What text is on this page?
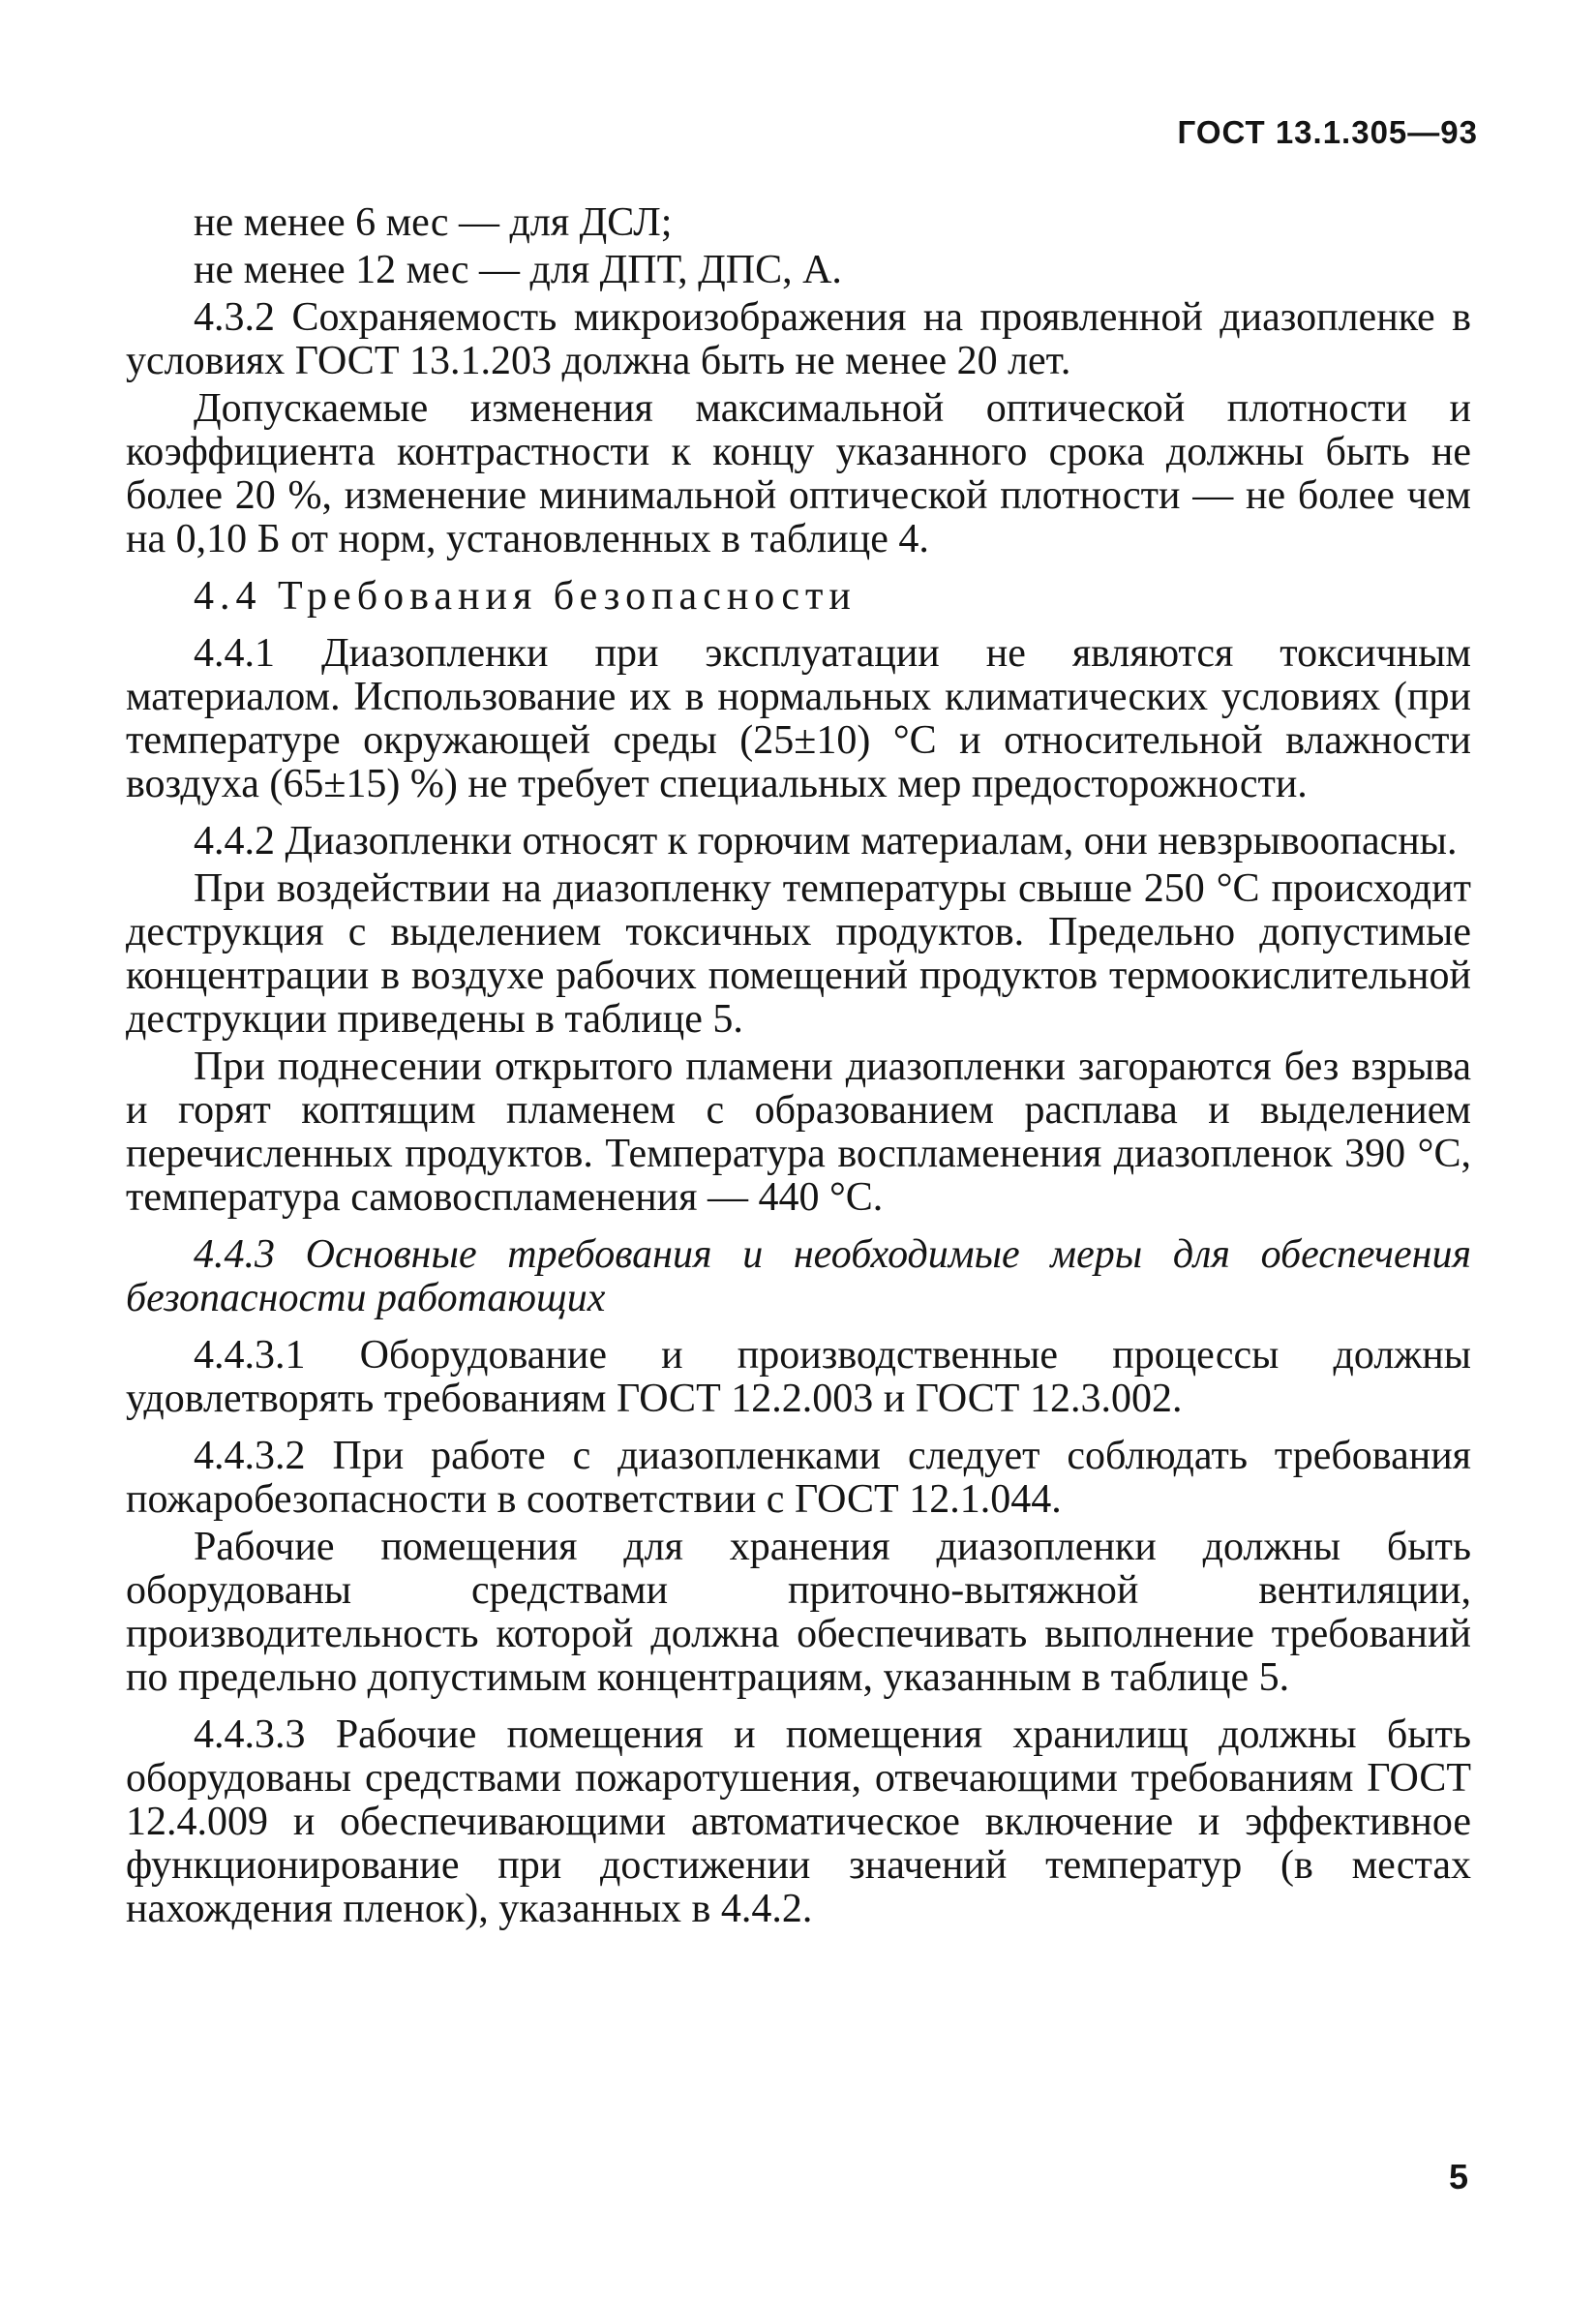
ГОСТ 13.1.305—93

не менее 6 мес — для ДСЛ;

не менее 12 мес — для ДПТ, ДПС, А.

4.3.2 Сохраняемость микроизображения на проявленной диазопленке в условиях ГОСТ 13.1.203 должна быть не менее 20 лет.

Допускаемые изменения максимальной оптической плотности и коэффициента контрастности к концу указанного срока должны быть не более 20 %, изменение минимальной оптической плотности — не более чем на 0,10 Б от норм, установленных в таблице 4.

4.4 Требования безопасности

4.4.1 Диазопленки при эксплуатации не являются токсичным материалом. Использование их в нормальных климатических условиях (при температуре окружающей среды (25±10) °С и относительной влажности воздуха (65±15) %) не требует специальных мер предосторожности.

4.4.2 Диазопленки относят к горючим материалам, они невзрывоопасны.

При воздействии на диазопленку температуры свыше 250 °С происходит деструкция с выделением токсичных продуктов. Предельно допустимые концентрации в воздухе рабочих помещений продуктов термоокислительной деструкции приведены в таблице 5.

При поднесении открытого пламени диазопленки загораются без взрыва и горят коптящим пламенем с образованием расплава и выделением перечисленных продуктов. Температура воспламенения диазопленок 390 °С, температура самовоспламенения — 440 °С.

4.4.3 Основные требования и необходимые меры для обеспечения безопасности работающих

4.4.3.1 Оборудование и производственные процессы должны удовлетворять требованиям ГОСТ 12.2.003 и ГОСТ 12.3.002.

4.4.3.2 При работе с диазопленками следует соблюдать требования пожаробезопасности в соответствии с ГОСТ 12.1.044.

Рабочие помещения для хранения диазопленки должны быть оборудованы средствами приточно-вытяжной вентиляции, производительность которой должна обеспечивать выполнение требований по предельно допустимым концентрациям, указанным в таблице 5.

4.4.3.3 Рабочие помещения и помещения хранилищ должны быть оборудованы средствами пожаротушения, отвечающими требованиям ГОСТ 12.4.009 и обеспечивающими автоматическое включение и эффективное функционирование при достижении значений температур (в местах нахождения пленок), указанных в 4.4.2.

5
